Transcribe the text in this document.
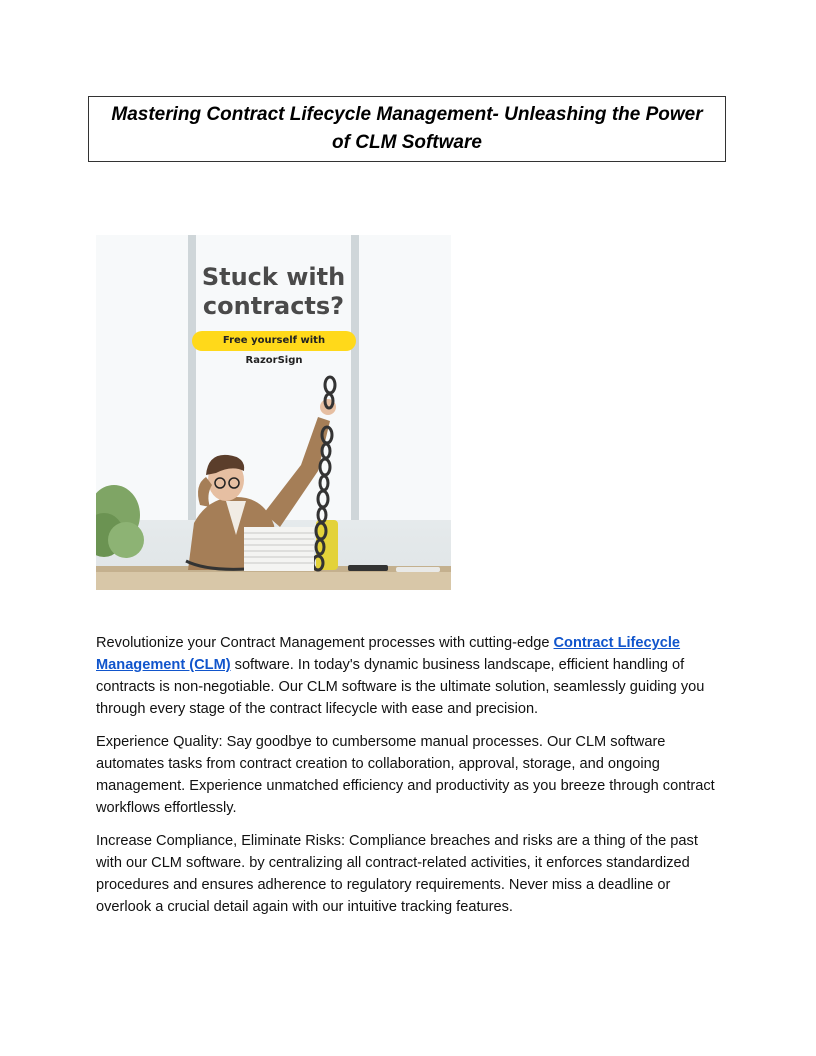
Mastering Contract Lifecycle Management- Unleashing the Power of CLM Software
Stuck with
contracts?
Free yourself with RazorSign

Revolutionize your Contract Management processes with cutting-edge Contract Lifecycle Management (CLM) software. In today's dynamic business landscape, efficient handling of contracts is non-negotiable. Our CLM software is the ultimate solution, seamlessly guiding you through every stage of the contract lifecycle with ease and precision.

Experience Quality: Say goodbye to cumbersome manual processes. Our CLM software automates tasks from contract creation to collaboration, approval, storage, and ongoing management. Experience unmatched efficiency and productivity as you breeze through contract workflows effortlessly.

Increase Compliance, Eliminate Risks: Compliance breaches and risks are a thing of the past with our CLM software. by centralizing all contract-related activities, it enforces standardized procedures and ensures adherence to regulatory requirements. Never miss a deadline or overlook a crucial detail again with our intuitive tracking features.
